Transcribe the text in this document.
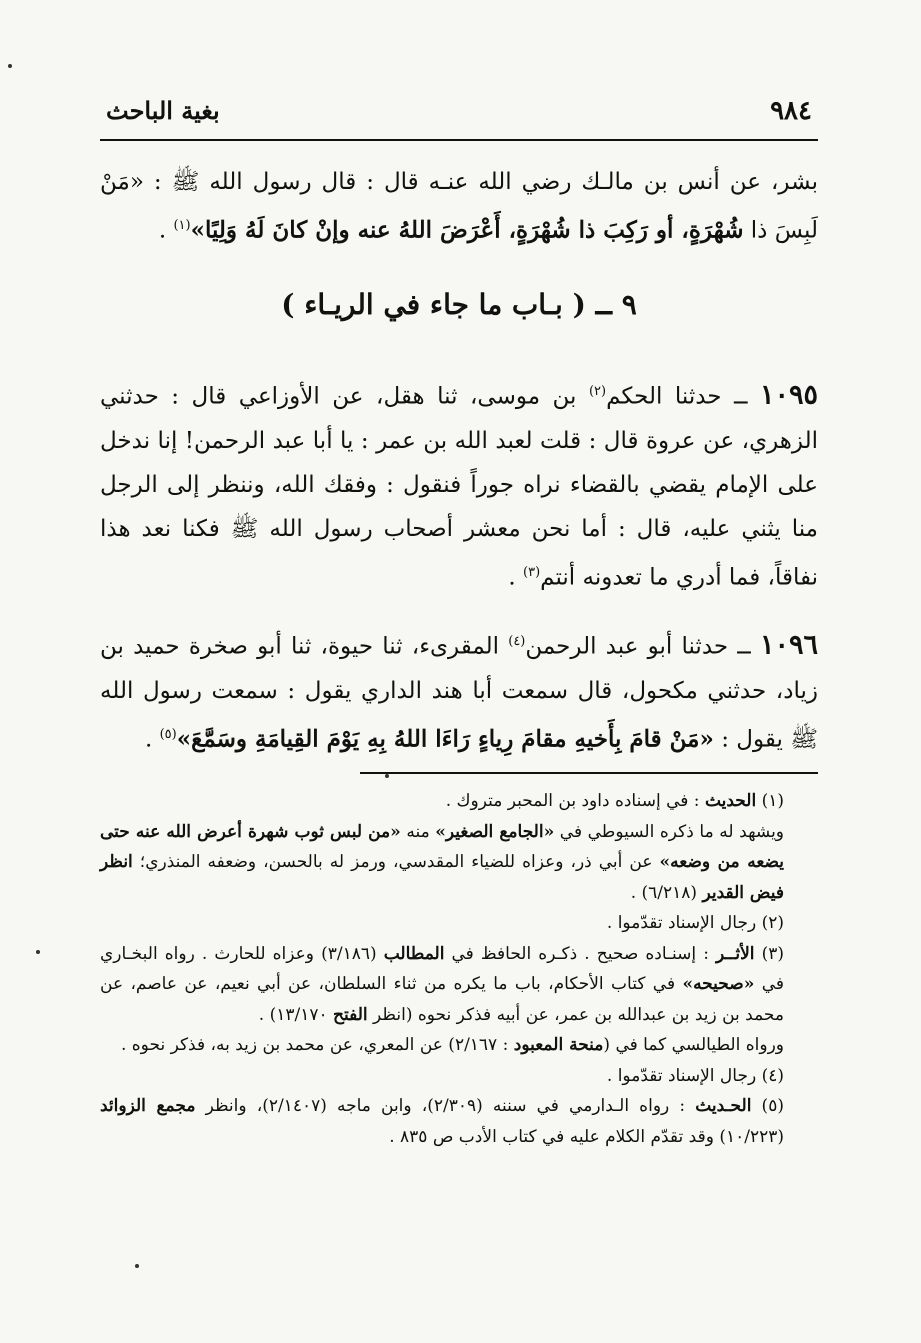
٩٨٤
بغية الباحث
بشر، عن أنس بن مالـك رضي الله عنـه قال : قال رسول الله ﷺ : «مَنْ لَبِسَ ذا شُهْرَةٍ، أو رَكِبَ ذا شُهْرَةٍ، أَعْرَضَ اللهُ عنه وإنْ كانَ لَهُ وَلِيًا»$^{(١)}$ .
٩ ــ ( بـاب ما جاء في الريـاء )
١٠٩٥ ــ حدثنا الحكم$^{(٢)}$ بن موسى، ثنا هقل، عن الأوزاعي قال : حدثني الزهري، عن عروة قال : قلت لعبد الله بن عمر : يا أبا عبد الرحمن! إنا ندخل على الإمام يقضي بالقضاء نراه جوراً فنقول : وفقك الله، وننظر إلى الرجل منا يثني عليه، قال : أما نحن معشر أصحاب رسول الله ﷺ فكنا نعد هذا نفاقاً، فما أدري ما تعدونه أنتم$^{(٣)}$ .
١٠٩٦ ــ حدثنا أبو عبد الرحمن$^{(٤)}$ المقرىء، ثنا حيوة، ثنا أبو صخرة حميد بن زياد، حدثني مكحول، قال سمعت أبا هند الداري يقول : سمعت رسول الله ﷺ يقول : «مَنْ قامَ بِأَخيهِ مقامَ رِياءٍ رَاءَا اللهُ بِهِ يَوْمَ القِيامَةِ وسَمَّعَ»$^{(٥)}$ .

(١) الحديث : في إسناده داود بن المحبر متروك .

ويشهد له ما ذكره السيوطي في «الجامع الصغير» منه «من لبس ثوب شهرة أعرض الله عنه حتى يضعه من وضعه» عن أبي ذر، وعزاه للضياء المقدسي، ورمز له بالحسن، وضعفه المنذري؛ انظر فيض القدير (٦/٢١٨) .

(٢) رجال الإسناد تقدّموا .

(٣) الأثــر : إسنـاده صحيح . ذكـره الحافظ في المطالب (٣/١٨٦) وعزاه للحارث . رواه البخـاري في «صحيحه» في كتاب الأحكام، باب ما يكره من ثناء السلطان، عن أبي نعيم، عن عاصم، عن محمد بن زيد بن عبدالله بن عمر، عن أبيه فذكر نحوه (انظر الفتح ١٣/١٧٠) .

ورواه الطيالسي كما في (منحة المعبود : ٢/١٦٧) عن المعري، عن محمد بن زيد به، فذكر نحوه .

(٤) رجال الإسناد تقدّموا .

(٥) الحـديث : رواه الـدارمي في سننه (٢/٣٠٩)، وابن ماجه (٢/١٤٠٧)، وانظر مجمع الزوائد (١٠/٢٢٣) وقد تقدّم الكلام عليه في كتاب الأدب ص ٨٣٥ .
